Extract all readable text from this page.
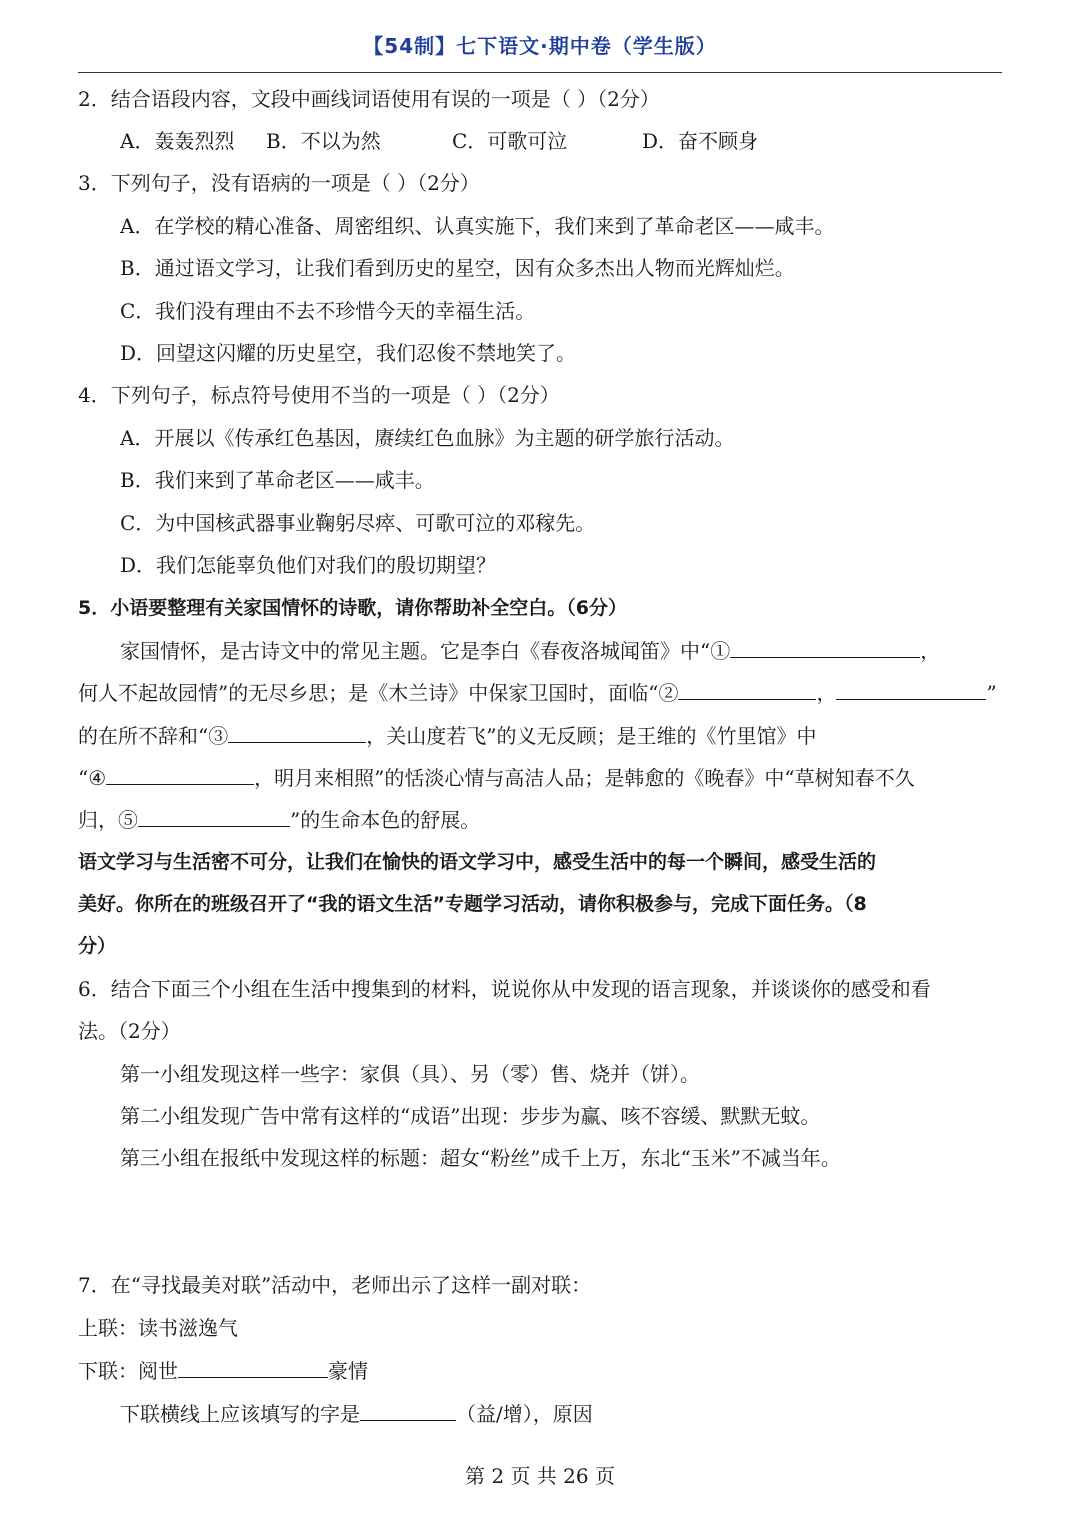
【54制】七下语文·期中卷（学生版）
2．结合语段内容，文段中画线词语使用有误的一项是（ ）（2分）
A．轰轰烈烈 B．不以为然	C．可歌可泣	D．奋不顾身
3．下列句子，没有语病的一项是（ ）（2分）
A．在学校的精心准备、周密组织、认真实施下，我们来到了革命老区——咸丰。
B．通过语文学习，让我们看到历史的星空，因有众多杰出人物而光辉灿烂。
C．我们没有理由不去不珍惜今天的幸福生活。
D．回望这闪耀的历史星空，我们忍俊不禁地笑了。
4．下列句子，标点符号使用不当的一项是（ ）（2分）
A．开展以《传承红色基因，赓续红色血脉》为主题的研学旅行活动。
B．我们来到了革命老区——咸丰。
C．为中国核武器事业鞠躬尽瘁、可歌可泣的邓稼先。
D．我们怎能辜负他们对我们的殷切期望？
5．小语要整理有关家国情怀的诗歌，请你帮助补全空白。（6分）
家国情怀，是古诗文中的常见主题。它是李白《春夜洛城闻笛》中“①	，
何人不起故园情”的无尽乡思；是《木兰诗》中保家卫国时，面临“②	，	”
的在所不辞和“③	，关山度若飞”的义无反顾；是王维的《竹里馆》中
“④	，明月来相照”的恬淡心情与高洁人品；是韩愈的《晚春》中“草树知春不久
归，⑤	”的生命本色的舒展。
语文学习与生活密不可分，让我们在愉快的语文学习中，感受生活中的每一个瞬间，感受生活的
美好。你所在的班级召开了“我的语文生活”专题学习活动，请你积极参与，完成下面任务。（8
分）
6．结合下面三个小组在生活中搜集到的材料，说说你从中发现的语言现象，并谈谈你的感受和看
法。（2分）
第一小组发现这样一些字：家俱（具）、另（零）售、烧并（饼）。
第二小组发现广告中常有这样的“成语”出现：步步为赢、咳不容缓、默默无蚊。
第三小组在报纸中发现这样的标题：超女“粉丝”成千上万，东北“玉米”不减当年。
7．在“寻找最美对联”活动中，老师出示了这样一副对联：
上联：读书滋逸气
下联：阅世	豪情
下联横线上应该填写的字是	（益/增），原因
第 2 页 共 26 页
